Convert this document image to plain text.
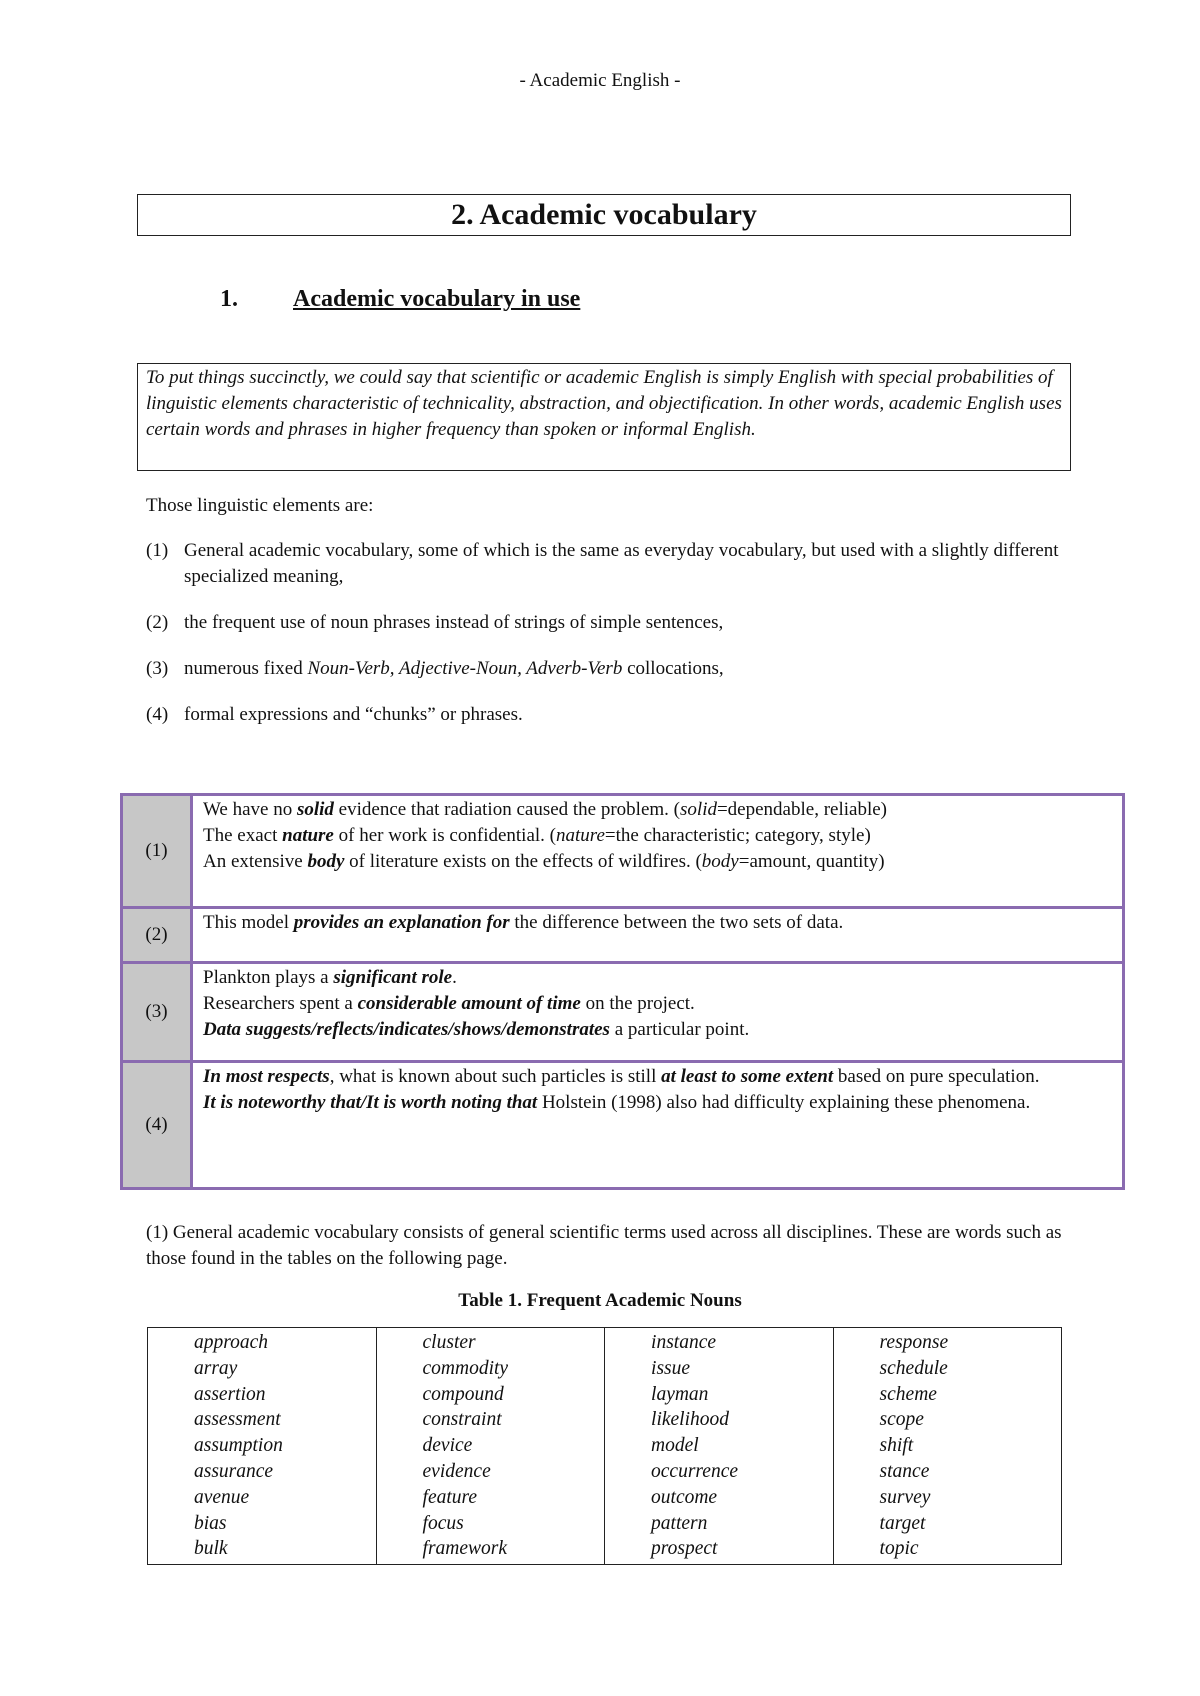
- Academic English -
2. Academic vocabulary
1. Academic vocabulary in use
To put things succinctly, we could say that scientific or academic English is simply English with special probabilities of linguistic elements characteristic of technicality, abstraction, and objectification. In other words, academic English uses certain words and phrases in higher frequency than spoken or informal English.
Those linguistic elements are:
(1) General academic vocabulary, some of which is the same as everyday vocabulary, but used with a slightly different specialized meaning,
(2) the frequent use of noun phrases instead of strings of simple sentences,
(3) numerous fixed Noun-Verb, Adjective-Noun, Adverb-Verb collocations,
(4) formal expressions and “chunks” or phrases.
(1)	We have no solid evidence that radiation caused the problem. (solid=dependable, reliable)
The exact nature of her work is confidential. (nature=the characteristic; category, style)
An extensive body of literature exists on the effects of wildfires. (body=amount, quantity)

(2)	This model provides an explanation for the difference between the two sets of data.

(3)	Plankton plays a significant role.
Researchers spent a considerable amount of time on the project.
Data suggests/reflects/indicates/shows/demonstrates a particular point.

(4)	In most respects, what is known about such particles is still at least to some extent based on pure speculation.
It is noteworthy that/It is worth noting that Holstein (1998) also had difficulty explaining these phenomena.
(1) General academic vocabulary consists of general scientific terms used across all disciplines. These are words such as those found in the tables on the following page.
Table 1. Frequent Academic Nouns
approach
array
assertion
assessment
assumption
assurance
avenue
bias
bulk

cluster
commodity
compound
constraint
device
evidence
feature
focus
framework

instance
issue
layman
likelihood
model
occurrence
outcome
pattern
prospect

response
schedule
scheme
scope
shift
stance
survey
target
topic
